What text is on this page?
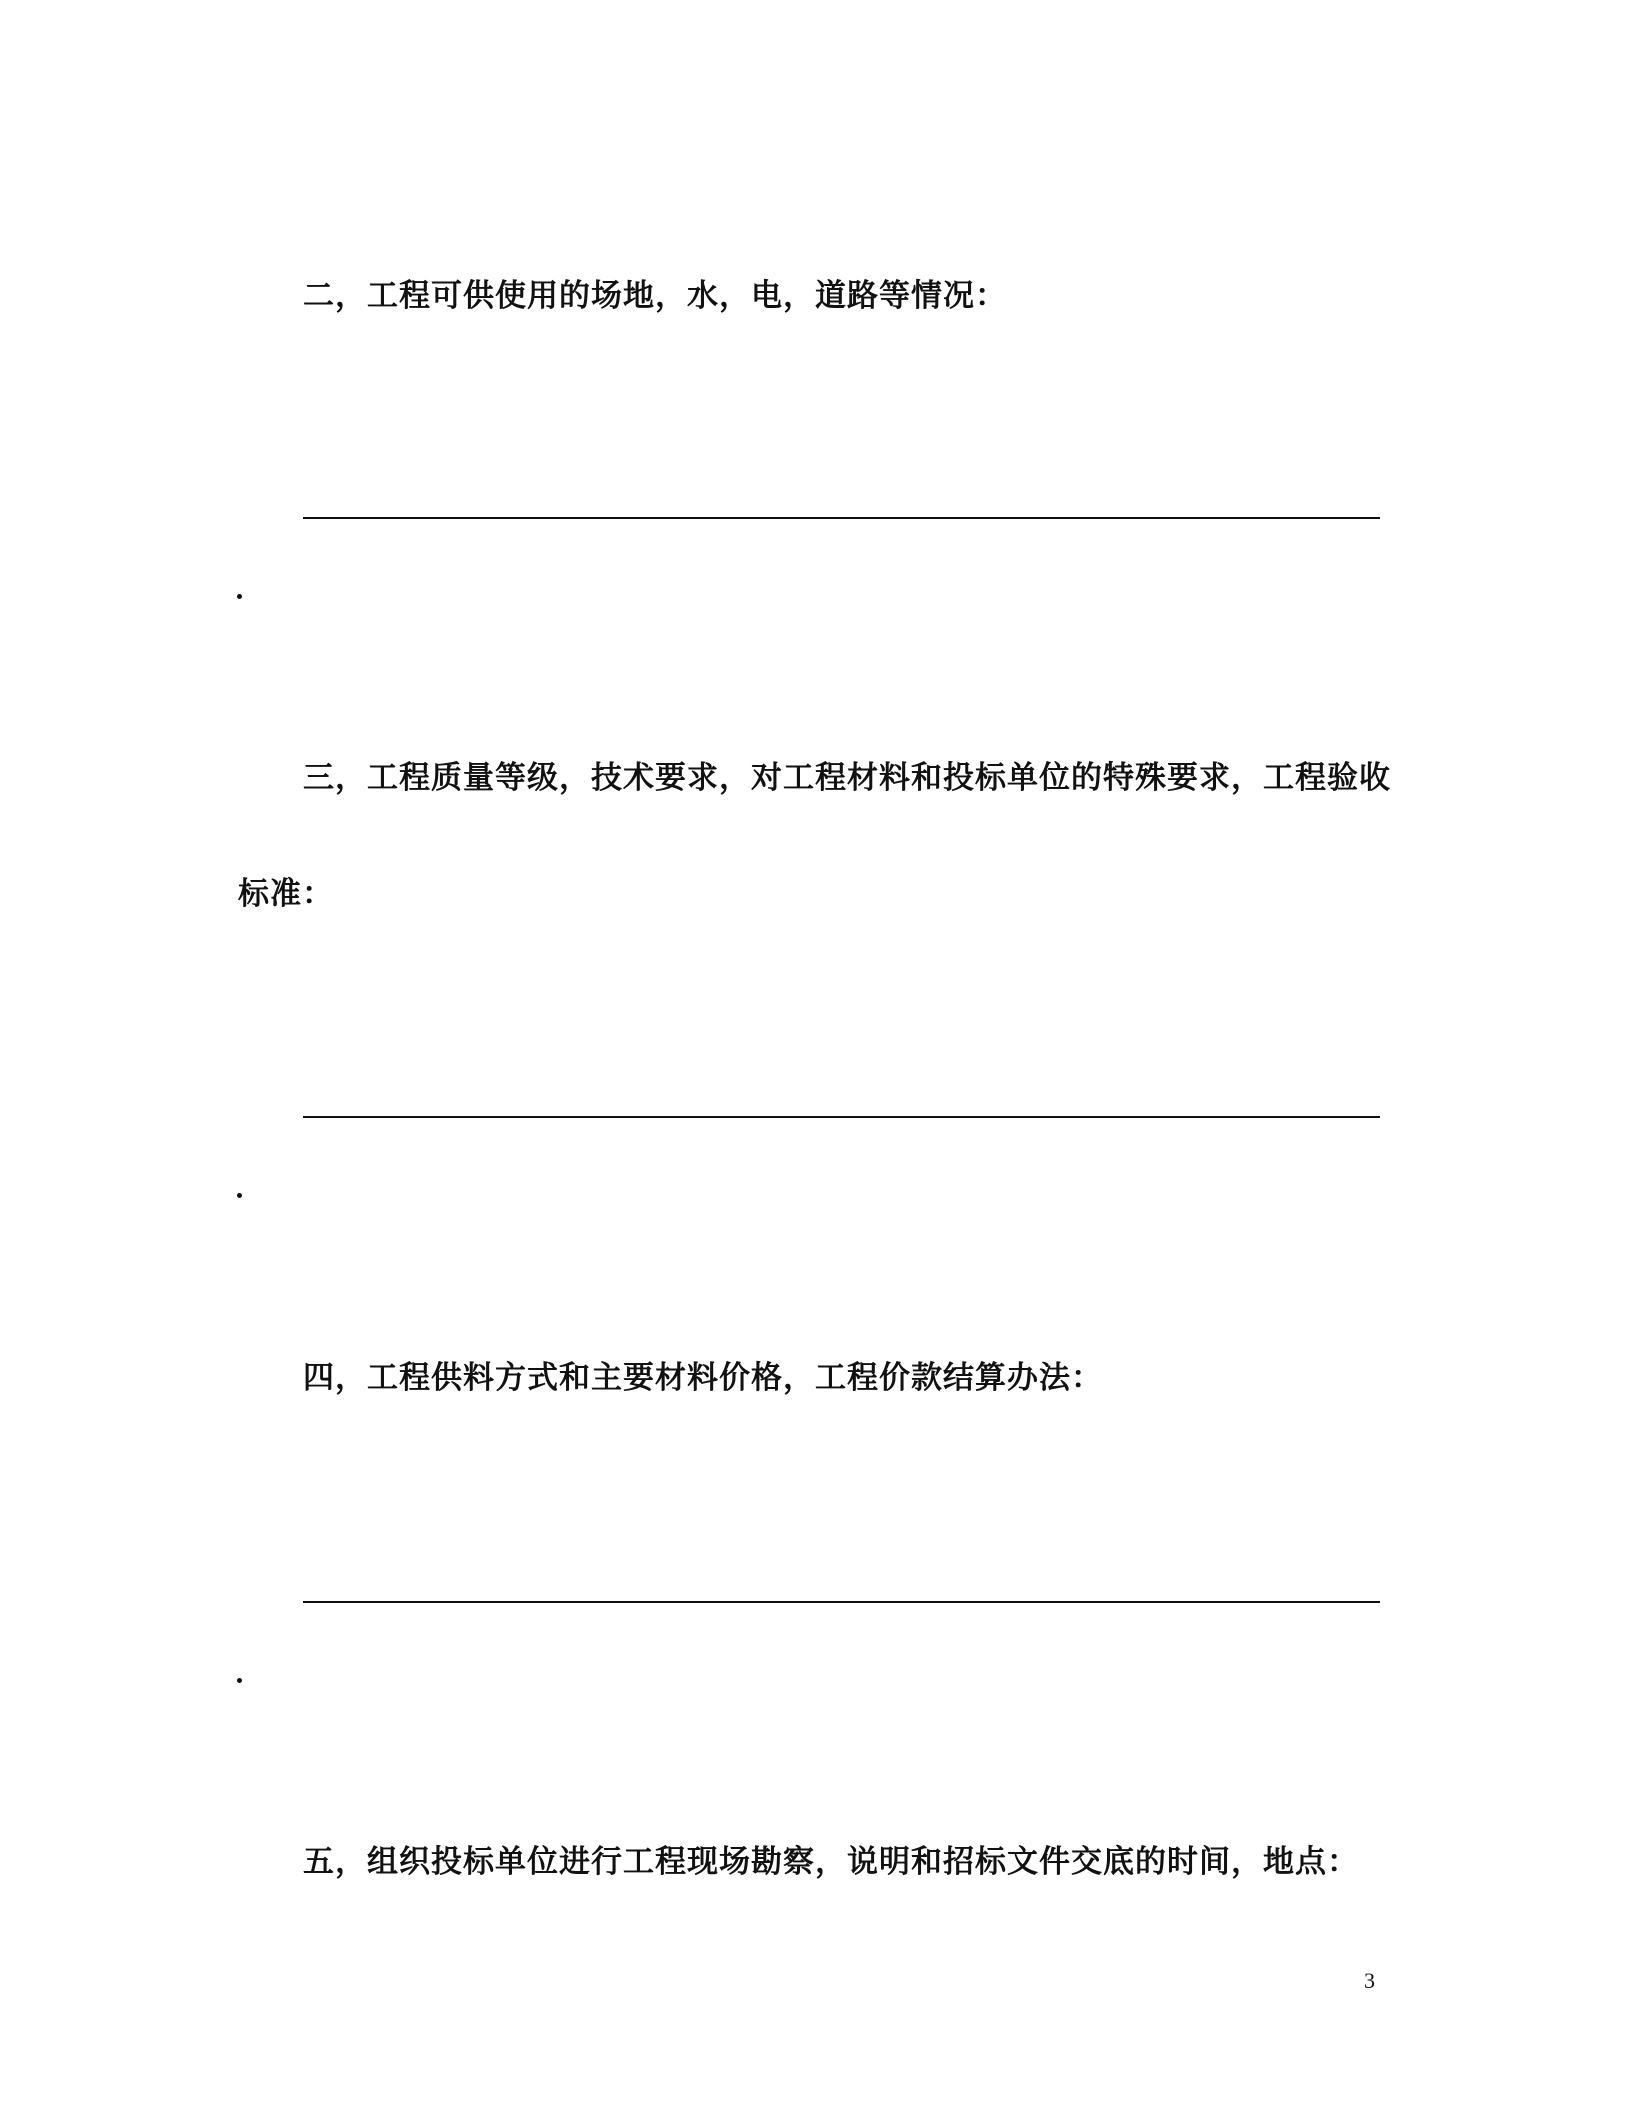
二，工程可供使用的场地，水，电，道路等情况：

三，工程质量等级，技术要求，对工程材料和投标单位的特殊要求，工程验收

标准：

四，工程供料方式和主要材料价格，工程价款结算办法：

五，组织投标单位进行工程现场勘察，说明和招标文件交底的时间，地点：

3
